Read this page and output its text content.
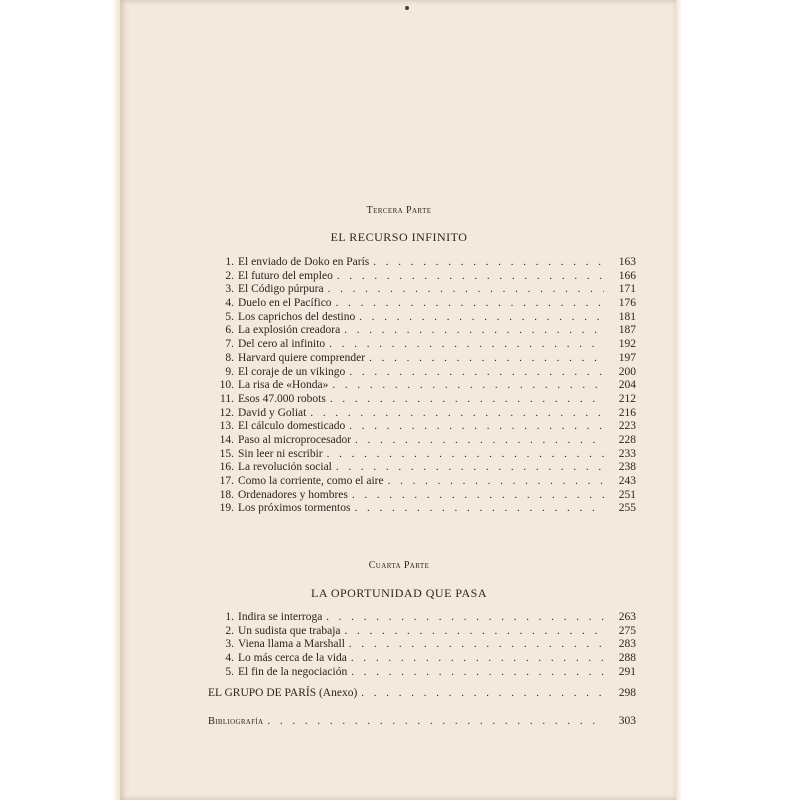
Tercera Parte
EL RECURSO INFINITO
1. El enviado de Doko en París . . .	163
2. El futuro del empleo . . .	166
3. El Código púrpura . . .	171
4. Duelo en el Pacífico . . .	176
5. Los caprichos del destino . . .	181
6. La explosión creadora . . .	187
7. Del cero al infinito . . .	192
8. Harvard quiere comprender . . .	197
9. El coraje de un vikingo . . .	200
10. La risa de «Honda» . . .	204
11. Esos 47.000 robots . . .	212
12. David y Goliat . . .	216
13. El cálculo domesticado . . .	223
14. Paso al microprocesador . . .	228
15. Sin leer ni escribir . . .	233
16. La revolución social . . .	238
17. Como la corriente, como el aire . . .	243
18. Ordenadores y hombres . . .	251
19. Los próximos tormentos . . .	255
Cuarta Parte
LA OPORTUNIDAD QUE PASA
1. Indira se interroga . . .	263
2. Un sudista que trabaja . . .	275
3. Viena llama a Marshall . . .	283
4. Lo más cerca de la vida . . .	288
5. El fin de la negociación . . .	291
EL GRUPO DE PARÍS (Anexo) . . .	298
Bibliografía . . .	303
